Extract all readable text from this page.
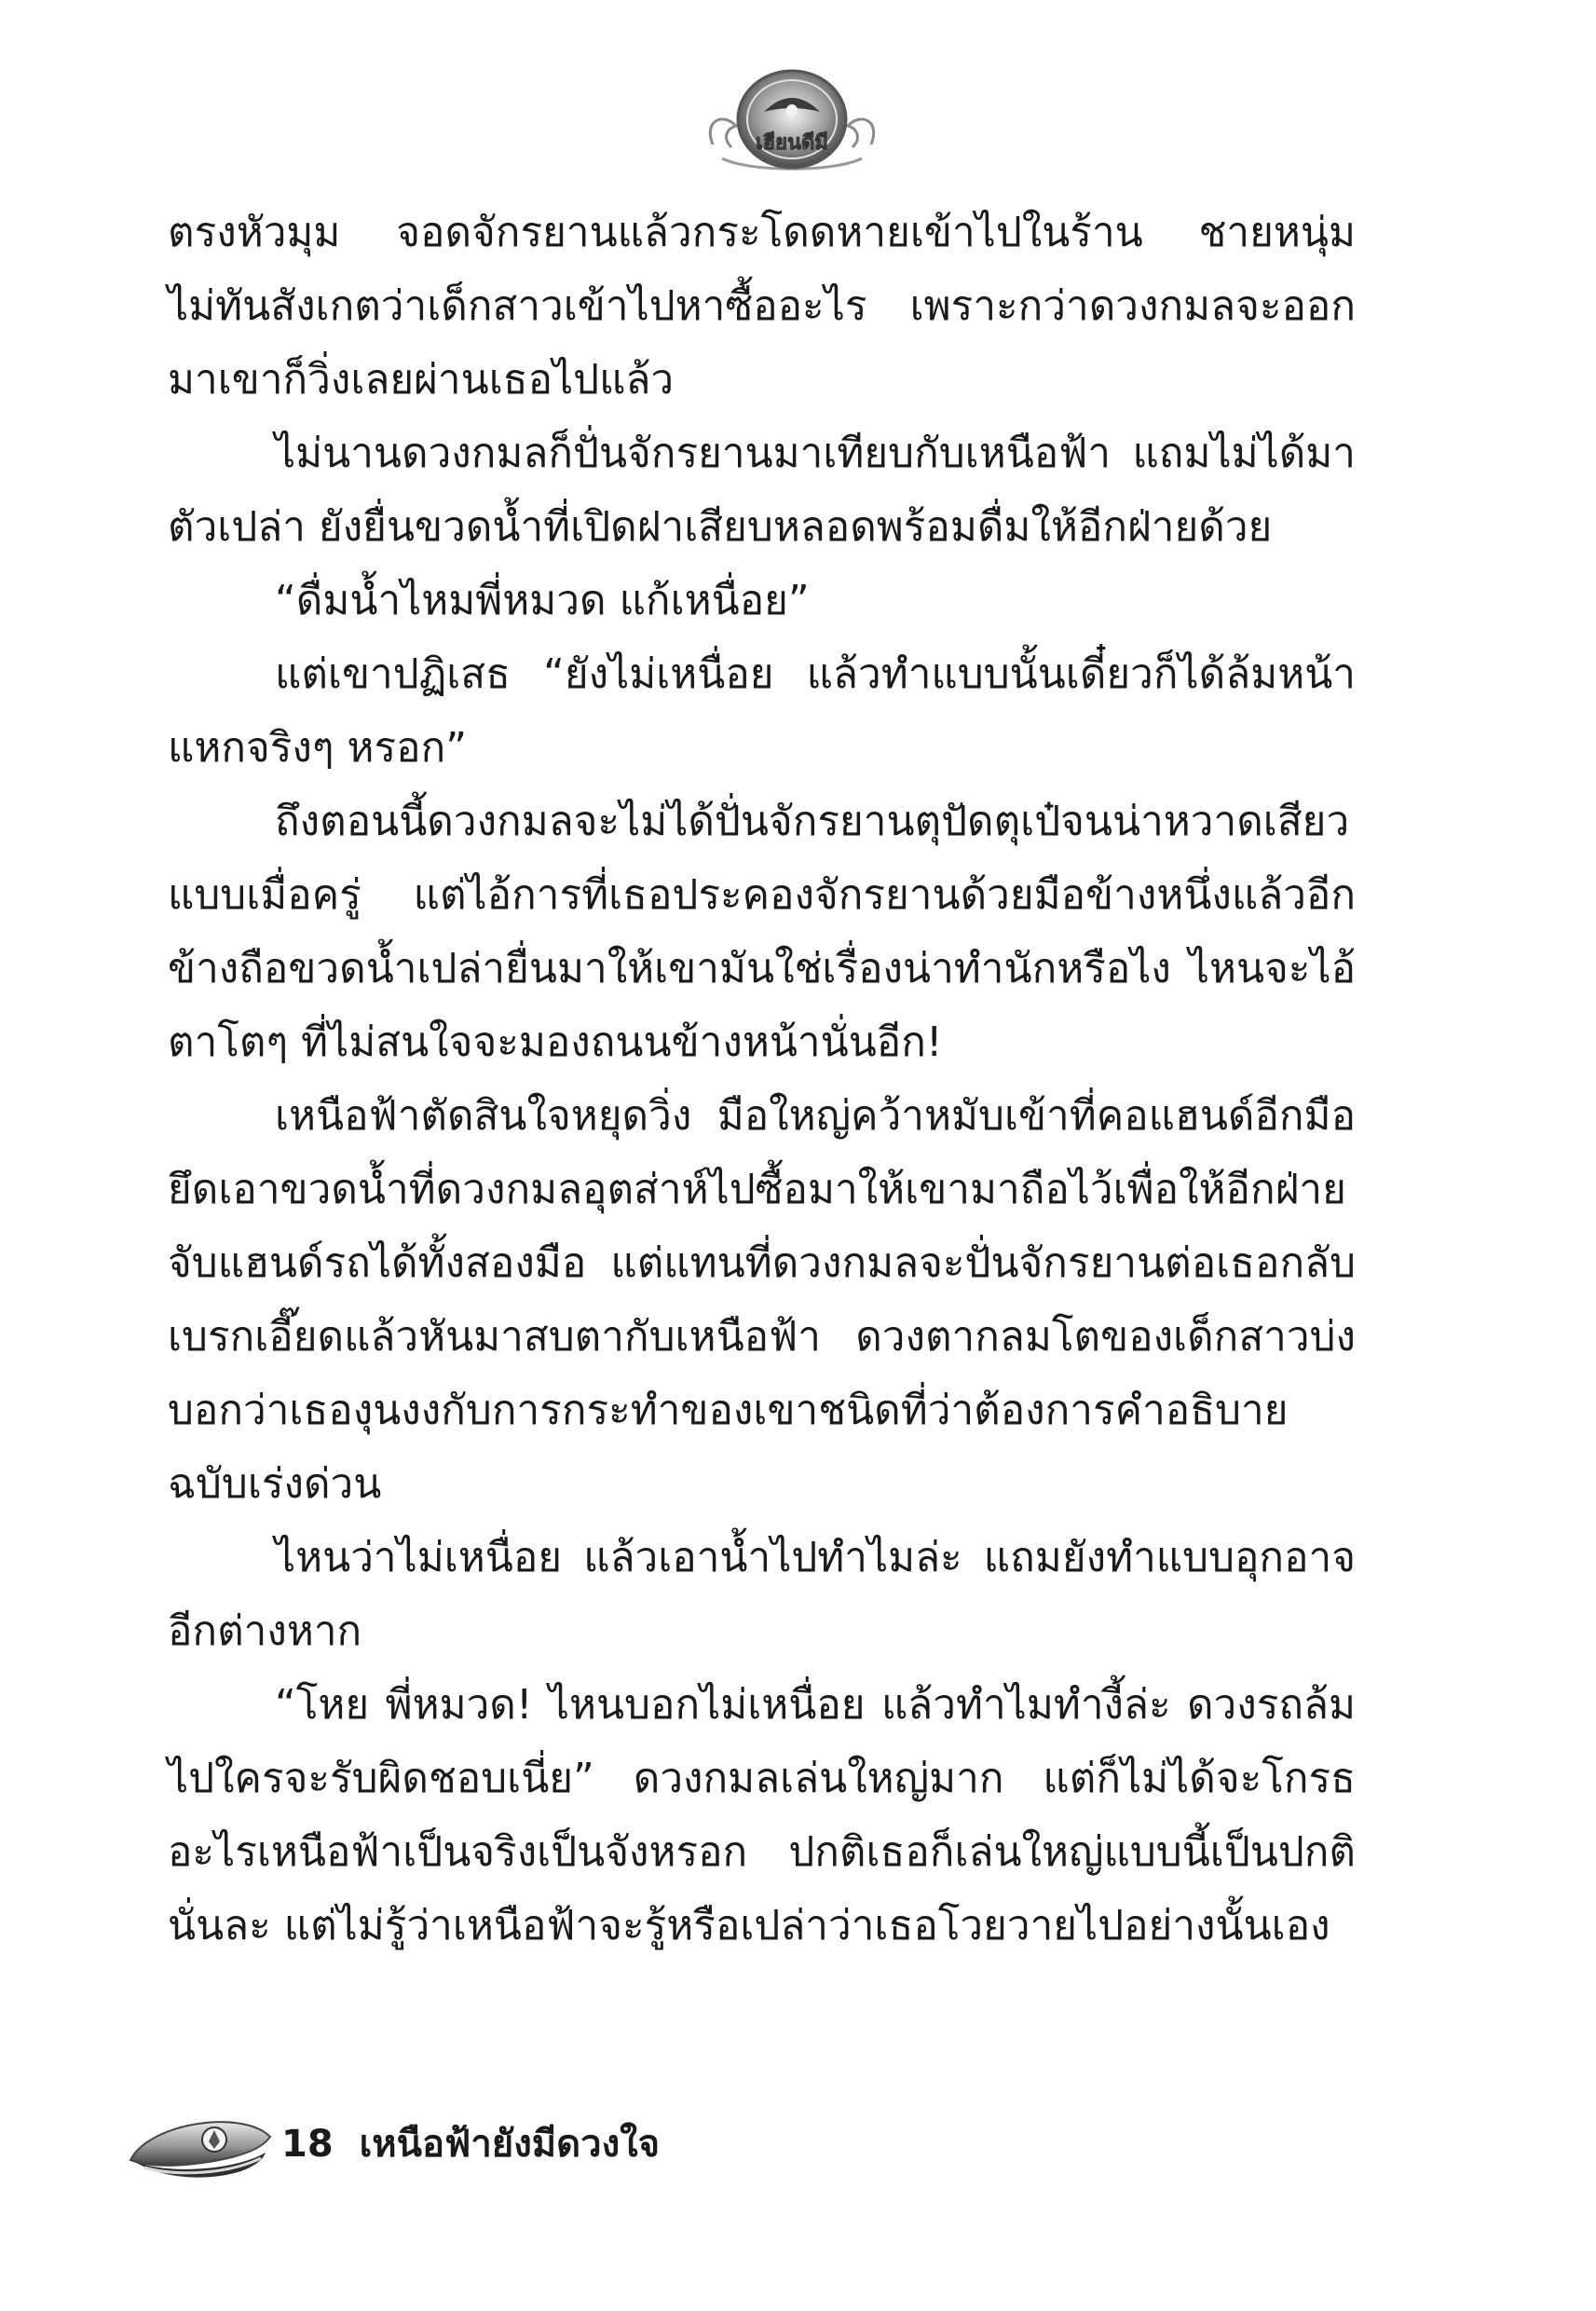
เฮียนดีมี

ตรงหัวมุม จอดจักรยานแล้วกระโดดหายเข้าไปในร้าน ชายหนุ่มไม่ทันสังเกตว่าเด็กสาวเข้าไปหาซื้ออะไร เพราะกว่าดวงกมลจะออกมาเขาก็วิ่งเลยผ่านเธอไปแล้ว

ไม่นานดวงกมลก็ปั่นจักรยานมาเทียบกับเหนือฟ้า แถมไม่ได้มาตัวเปล่า ยังยื่นขวดน้ำที่เปิดฝาเสียบหลอดพร้อมดื่มให้อีกฝ่ายด้วย

“ดื่มน้ำไหมพี่หมวด แก้เหนื่อย”

แต่เขาปฏิเสธ “ยังไม่เหนื่อย แล้วทำแบบนั้นเดี๋ยวก็ได้ล้มหน้าแหกจริงๆ หรอก”

ถึงตอนนี้ดวงกมลจะไม่ได้ปั่นจักรยานตุปัดตุเป๋จนน่าหวาดเสียวแบบเมื่อครู่ แต่ไอ้การที่เธอประคองจักรยานด้วยมือข้างหนึ่งแล้วอีกข้างถือขวดน้ำเปล่ายื่นมาให้เขามันใช่เรื่องน่าทำนักหรือไง ไหนจะไอ้ตาโตๆ ที่ไม่สนใจจะมองถนนข้างหน้านั่นอีก!

เหนือฟ้าตัดสินใจหยุดวิ่ง มือใหญ่คว้าหมับเข้าที่คอแฮนด์อีกมือยึดเอาขวดน้ำที่ดวงกมลอุตส่าห์ไปซื้อมาให้เขามาถือไว้เพื่อให้อีกฝ่ายจับแฮนด์รถได้ทั้งสองมือ แต่แทนที่ดวงกมลจะปั่นจักรยานต่อเธอกลับเบรกเอี๊ยดแล้วหันมาสบตากับเหนือฟ้า ดวงตากลมโตของเด็กสาวบ่งบอกว่าเธองุนงงกับการกระทำของเขาชนิดที่ว่าต้องการคำอธิบายฉบับเร่งด่วน

ไหนว่าไม่เหนื่อย แล้วเอาน้ำไปทำไมล่ะ แถมยังทำแบบอุกอาจอีกต่างหาก

“โหย พี่หมวด! ไหนบอกไม่เหนื่อย แล้วทำไมทำงี้ล่ะ ดวงรถล้มไปใครจะรับผิดชอบเนี่ย” ดวงกมลเล่นใหญ่มาก แต่ก็ไม่ได้จะโกรธอะไรเหนือฟ้าเป็นจริงเป็นจังหรอก ปกติเธอก็เล่นใหญ่แบบนี้เป็นปกตินั่นละ แต่ไม่รู้ว่าเหนือฟ้าจะรู้หรือเปล่าว่าเธอโวยวายไปอย่างนั้นเอง

18 เหนือฟ้ายังมีดวงใจ
